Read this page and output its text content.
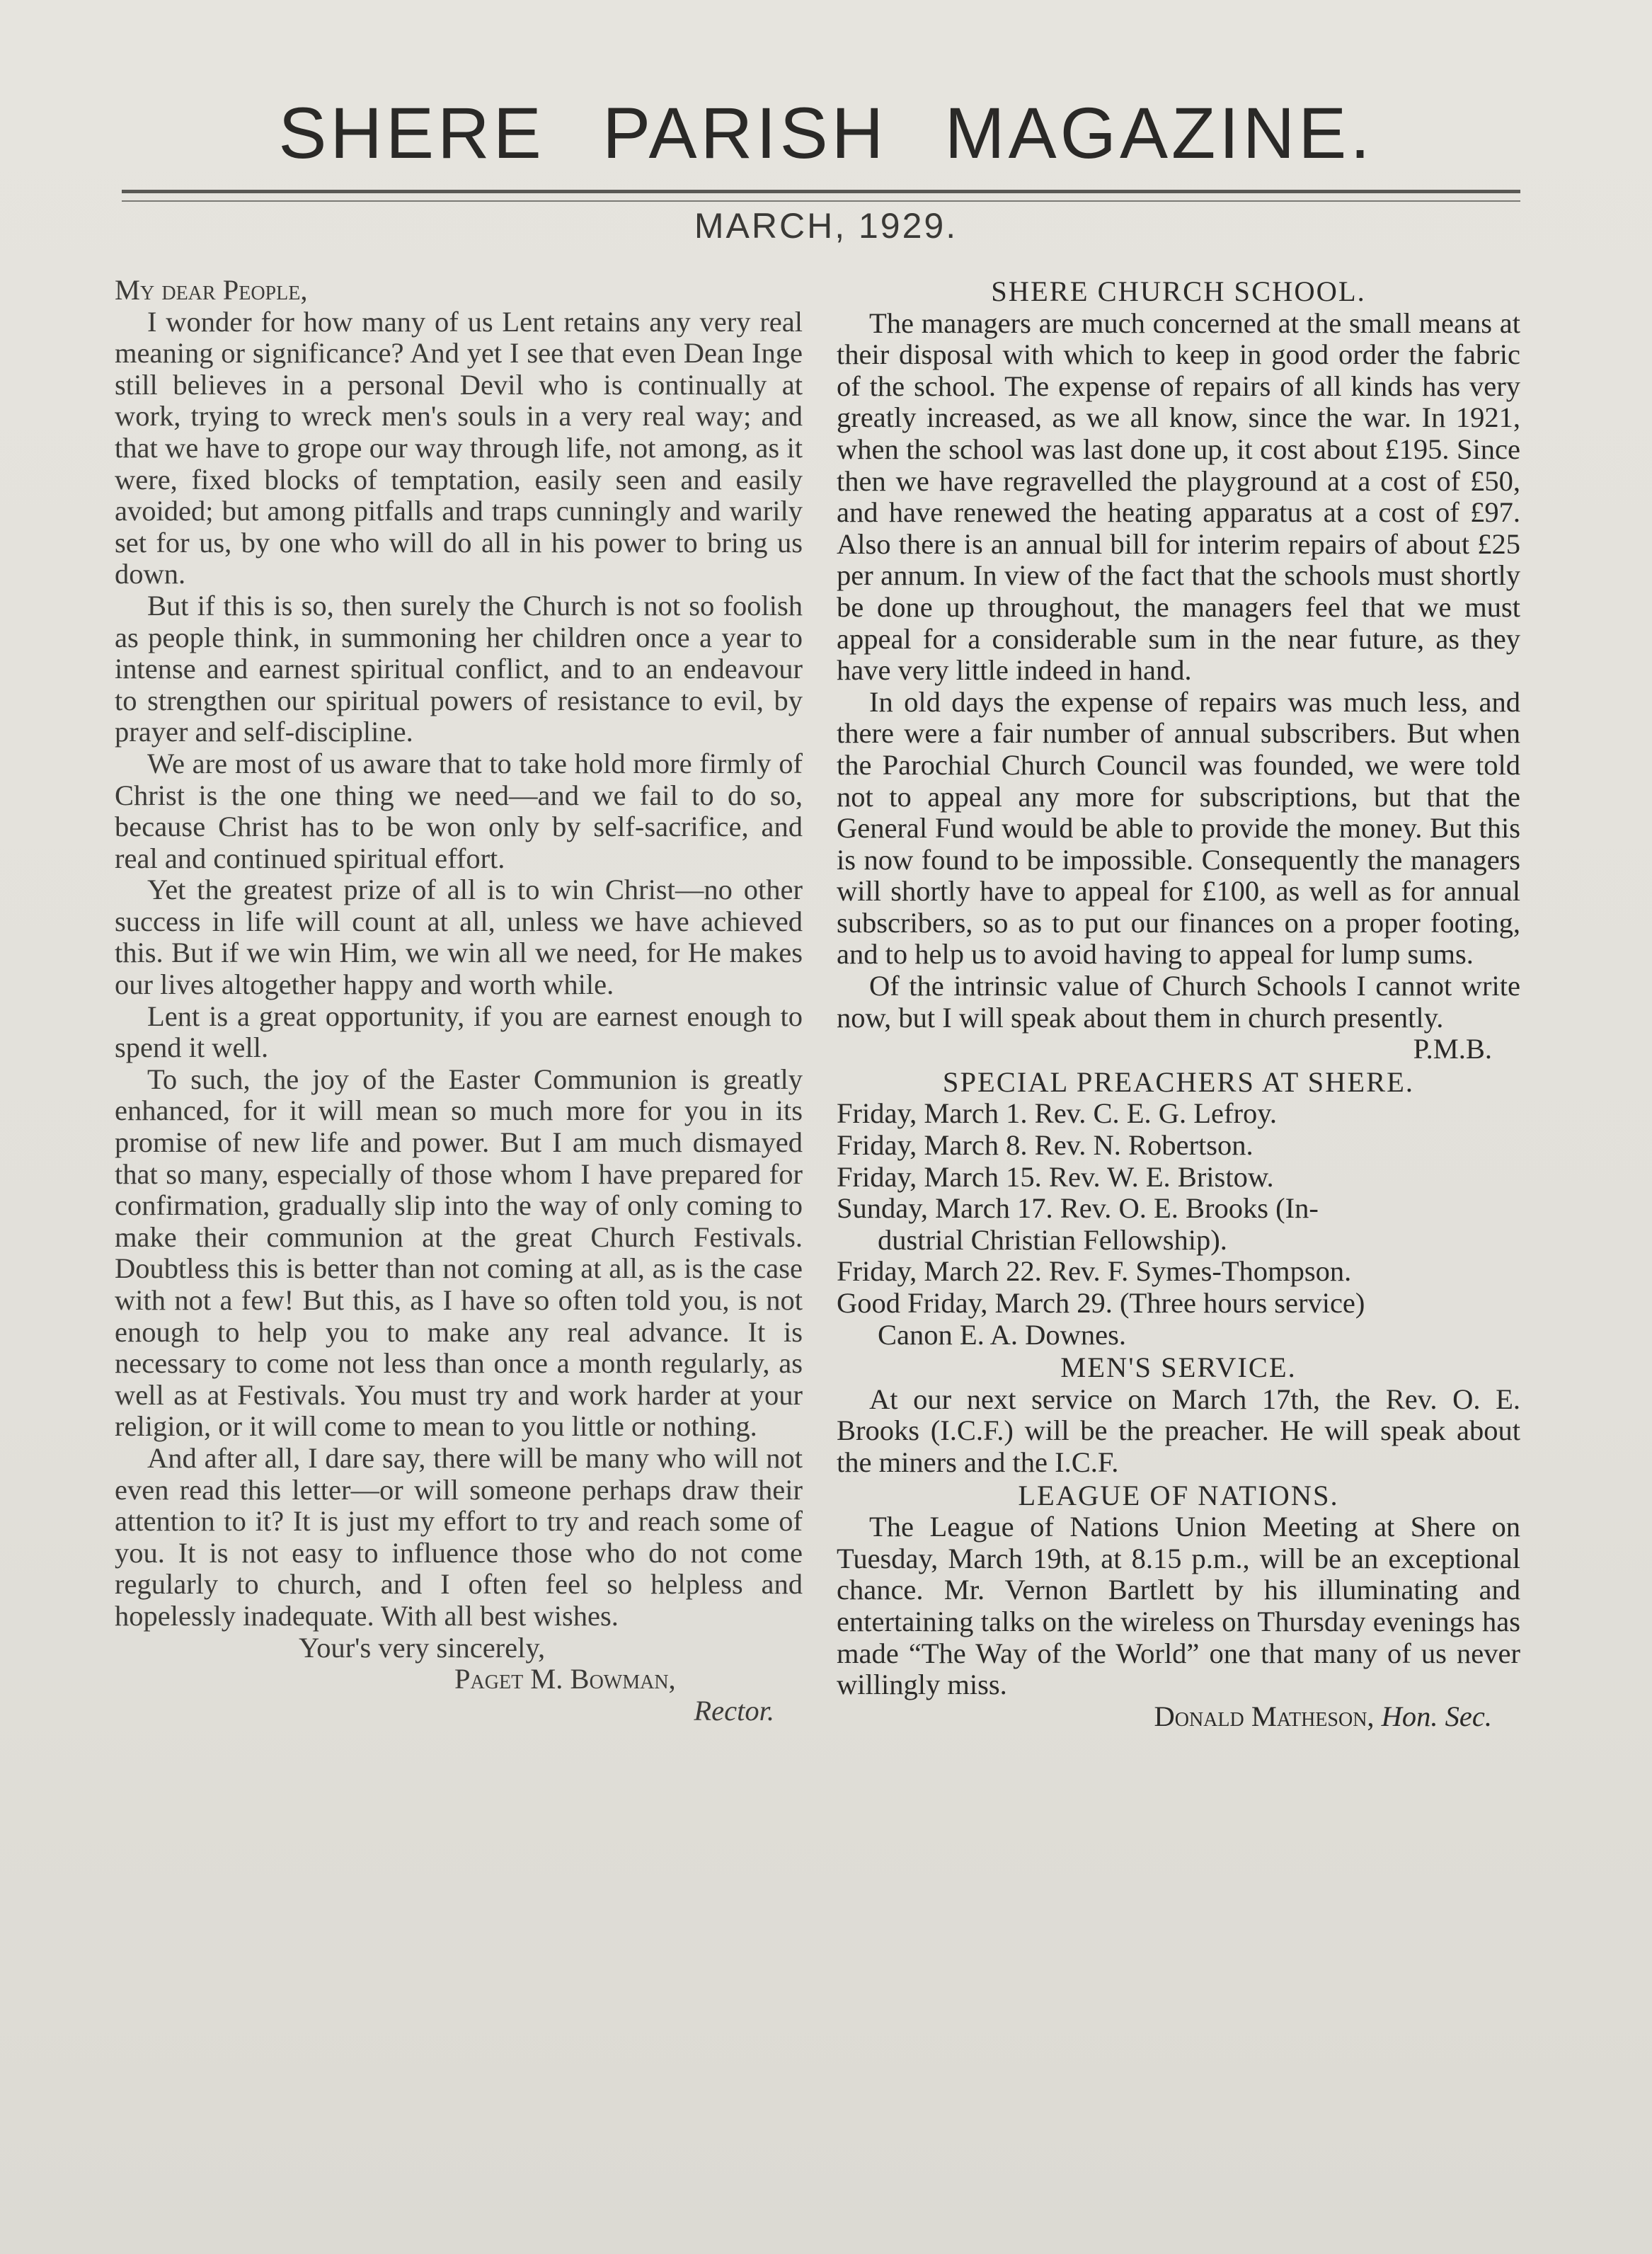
SHERE PARISH MAGAZINE.
MARCH, 1929.

My dear People,

I wonder for how many of us Lent retains any very real meaning or significance? And yet I see that even Dean Inge still believes in a personal Devil who is continually at work, trying to wreck men's souls in a very real way; and that we have to grope our way through life, not among, as it were, fixed blocks of temptation, easily seen and easily avoided; but among pitfalls and traps cunningly and warily set for us, by one who will do all in his power to bring us down.

But if this is so, then surely the Church is not so foolish as people think, in summoning her children once a year to intense and earnest spiritual conflict, and to an endeavour to strengthen our spiritual powers of resistance to evil, by prayer and self-discipline.

We are most of us aware that to take hold more firmly of Christ is the one thing we need—and we fail to do so, because Christ has to be won only by self-sacrifice, and real and continued spiritual effort.

Yet the greatest prize of all is to win Christ—no other success in life will count at all, unless we have achieved this. But if we win Him, we win all we need, for He makes our lives altogether happy and worth while.

Lent is a great opportunity, if you are earnest enough to spend it well.

To such, the joy of the Easter Communion is greatly enhanced, for it will mean so much more for you in its promise of new life and power. But I am much dismayed that so many, especially of those whom I have prepared for confirmation, gradually slip into the way of only coming to make their communion at the great Church Festivals. Doubtless this is better than not coming at all, as is the case with not a few! But this, as I have so often told you, is not enough to help you to make any real advance. It is necessary to come not less than once a month regularly, as well as at Festivals. You must try and work harder at your religion, or it will come to mean to you little or nothing.

And after all, I dare say, there will be many who will not even read this letter—or will someone perhaps draw their attention to it? It is just my effort to try and reach some of you. It is not easy to influence those who do not come regularly to church, and I often feel so helpless and hopelessly inadequate. With all best wishes.

Your's very sincerely,

Paget M. Bowman,

Rector.

SHERE CHURCH SCHOOL.

The managers are much concerned at the small means at their disposal with which to keep in good order the fabric of the school. The expense of repairs of all kinds has very greatly increased, as we all know, since the war. In 1921, when the school was last done up, it cost about £195. Since then we have regravelled the playground at a cost of £50, and have renewed the heating apparatus at a cost of £97. Also there is an annual bill for interim repairs of about £25 per annum. In view of the fact that the schools must shortly be done up throughout, the managers feel that we must appeal for a considerable sum in the near future, as they have very little indeed in hand.

In old days the expense of repairs was much less, and there were a fair number of annual subscribers. But when the Parochial Church Council was founded, we were told not to appeal any more for subscriptions, but that the General Fund would be able to provide the money. But this is now found to be impossible. Consequently the managers will shortly have to appeal for £100, as well as for annual subscribers, so as to put our finances on a proper footing, and to help us to avoid having to appeal for lump sums.

Of the intrinsic value of Church Schools I cannot write now, but I will speak about them in church presently.

P.M.B.

SPECIAL PREACHERS AT SHERE.

Friday, March 1. Rev. C. E. G. Lefroy.

Friday, March 8. Rev. N. Robertson.

Friday, March 15. Rev. W. E. Bristow.

Sunday, March 17. Rev. O. E. Brooks (In-

dustrial Christian Fellowship).

Friday, March 22. Rev. F. Symes-Thompson.

Good Friday, March 29. (Three hours service)

Canon E. A. Downes.

MEN'S SERVICE.

At our next service on March 17th, the Rev. O. E. Brooks (I.C.F.) will be the preacher. He will speak about the miners and the I.C.F.

LEAGUE OF NATIONS.

The League of Nations Union Meeting at Shere on Tuesday, March 19th, at 8.15 p.m., will be an exceptional chance. Mr. Vernon Bartlett by his illuminating and entertaining talks on the wireless on Thursday evenings has made “The Way of the World” one that many of us never willingly miss.

Donald Matheson, Hon. Sec.
